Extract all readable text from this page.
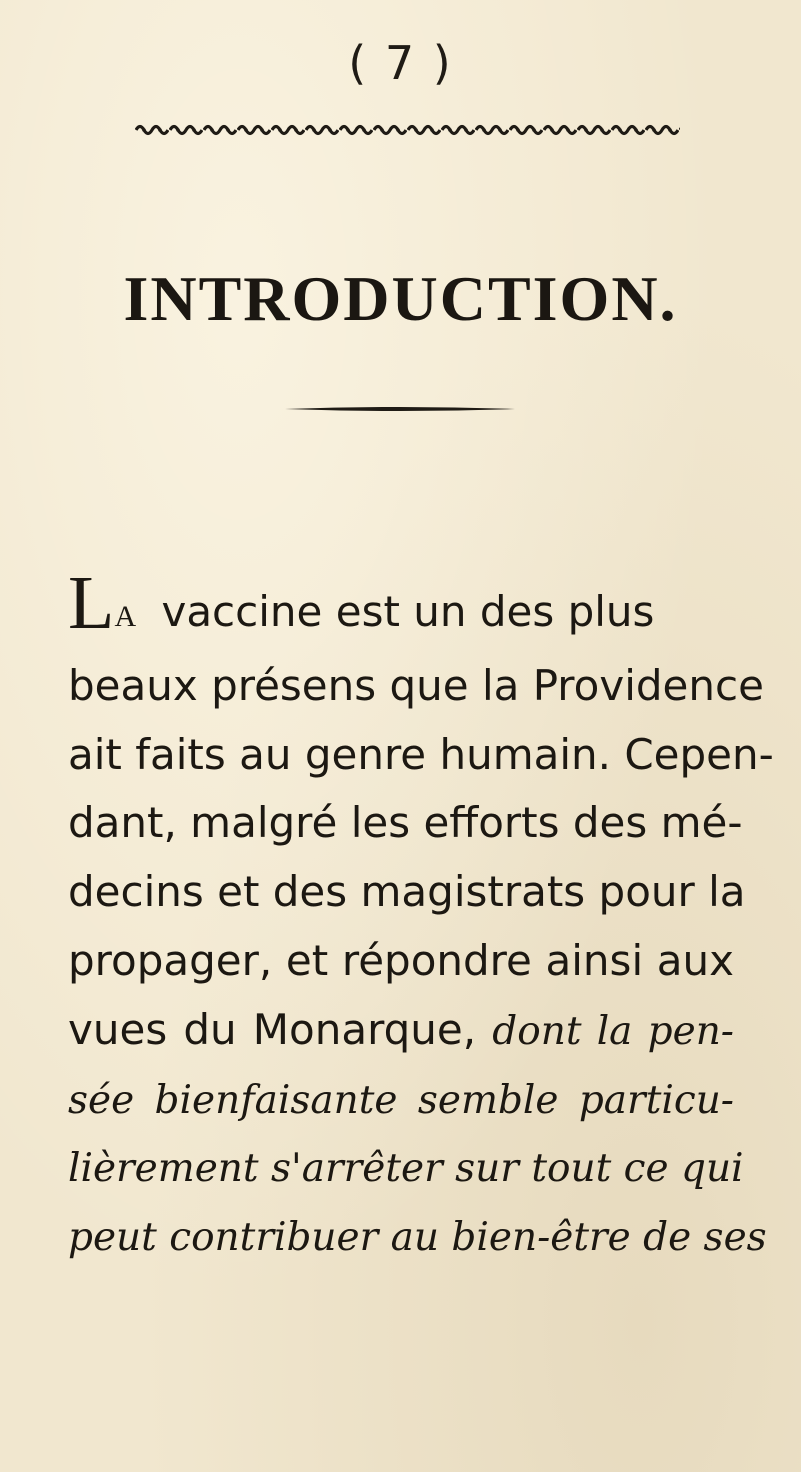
( 7 )
INTRODUCTION.
LA vaccine est un des plus
beaux présens que la Providence
ait faits au genre humain. Cepen-
dant, malgré les efforts des mé-
decins et des magistrats pour la
propager, et répondre ainsi aux
vues du Monarque, dont la pen-
sée bienfaisante semble particu-
lièrement s'arrêter sur tout ce qui
peut contribuer au bien-être de ses
